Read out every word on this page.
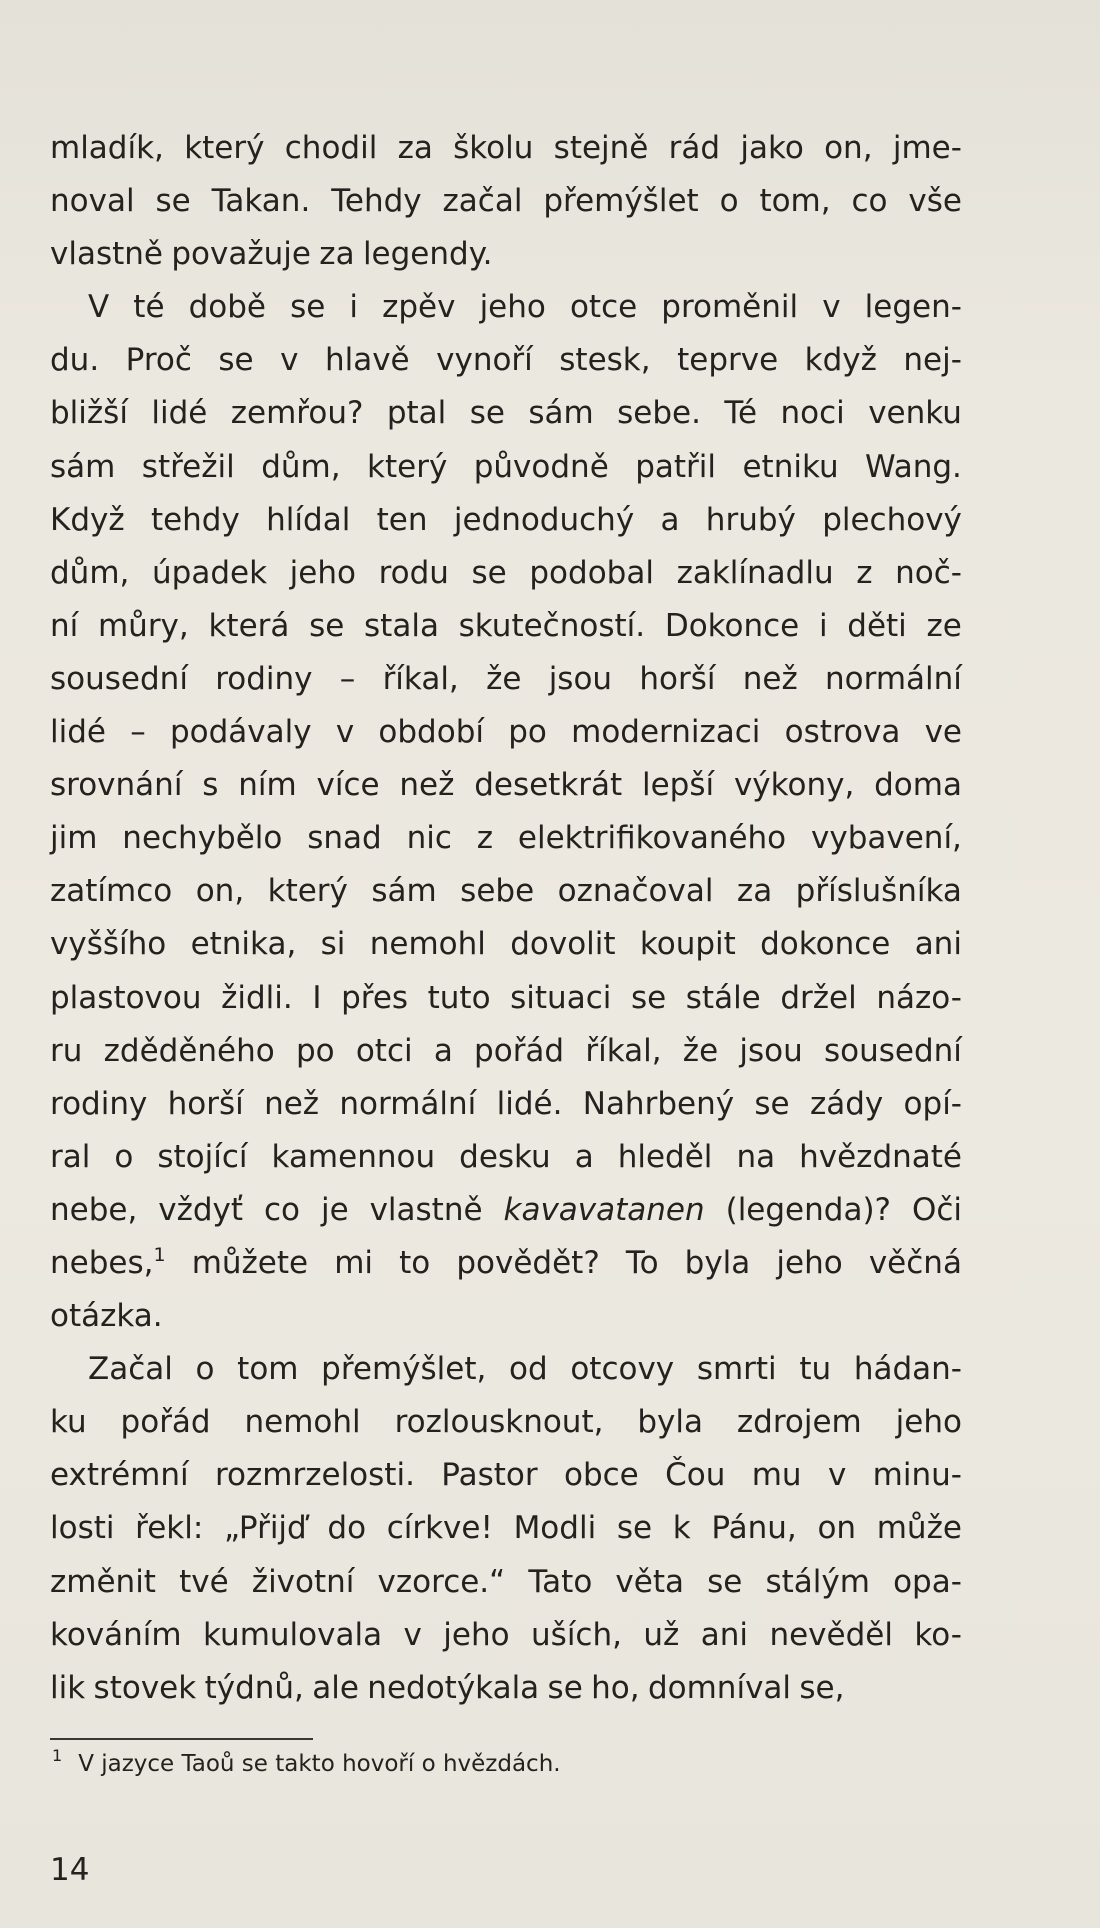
mladík, který chodil za školu stejně rád jako on, jme-
noval se Takan. Tehdy začal přemýšlet o tom, co vše
vlastně považuje za legendy.
V té době se i zpěv jeho otce proměnil v legen-
du. Proč se v hlavě vynoří stesk, teprve když nej-
bližší lidé zemřou? ptal se sám sebe. Té noci venku
sám střežil dům, který původně patřil etniku Wang.
Když tehdy hlídal ten jednoduchý a hrubý plechový
dům, úpadek jeho rodu se podobal zaklínadlu z noč-
ní můry, která se stala skutečností. Dokonce i děti ze
sousední rodiny – říkal, že jsou horší než normální
lidé – podávaly v období po modernizaci ostrova ve
srovnání s ním více než desetkrát lepší výkony, doma
jim nechybělo snad nic z elektrifikovaného vybavení,
zatímco on, který sám sebe označoval za příslušníka
vyššího etnika, si nemohl dovolit koupit dokonce ani
plastovou židli. I přes tuto situaci se stále držel názo-
ru zděděného po otci a pořád říkal, že jsou sousední
rodiny horší než normální lidé. Nahrbený se zády opí-
ral o stojící kamennou desku a hleděl na hvězdnaté
nebe, vždyť co je vlastně kavavatanen (legenda)? Oči
nebes,$^1$ můžete mi to povědět? To byla jeho věčná
otázka.
Začal o tom přemýšlet, od otcovy smrti tu hádan-
ku pořád nemohl rozlousknout, byla zdrojem jeho
extrémní rozmrzelosti. Pastor obce Čou mu v minu-
losti řekl: „Přijď do církve! Modli se k Pánu, on může
změnit tvé životní vzorce.“ Tato věta se stálým opa-
kováním kumulovala v jeho uších, už ani nevěděl ko-
lik stovek týdnů, ale nedotýkala se ho, domníval se,
$^1$ V jazyce Taoů se takto hovoří o hvězdách.
14
